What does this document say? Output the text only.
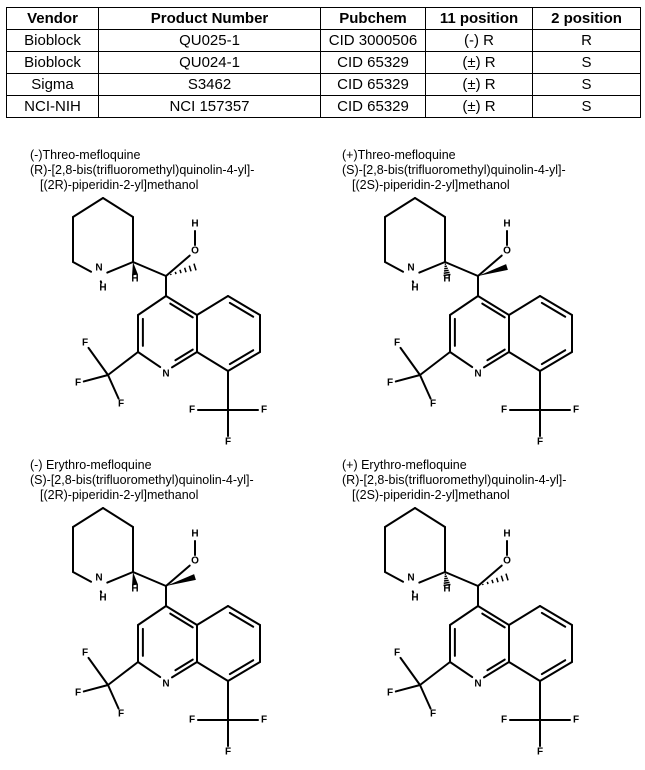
Vendor	Product Number	Pubchem	11 position	2 position
Bioblock	QU025-1	CID 3000506	(-) R	R
Bioblock	QU024-1	CID 65329	(±) R	S
Sigma	S3462	CID 65329	(±) R	S
NCI-NIH	NCI 157357	CID 65329	(±) R	S
(-)Threo-mefloquine
(R)-[2,8-bis(trifluoromethyl)quinolin-4-yl]-
[(2R)-piperidin-2-yl]methanol
(+)Threo-mefloquine
(S)-[2,8-bis(trifluoromethyl)quinolin-4-yl]-
[(2S)-piperidin-2-yl]methanol
(-) Erythro-mefloquine
(S)-[2,8-bis(trifluoromethyl)quinolin-4-yl]-
[(2R)-piperidin-2-yl]methanol
(+) Erythro-mefloquine
(R)-[2,8-bis(trifluoromethyl)quinolin-4-yl]-
[(2S)-piperidin-2-yl]methanol
N
H
H
H
O
N
F
F
F
F	F
F
N
H
H
H
O
N
F
F
F
F	F
F
N
H
H
H
O
N
F
F
F
F	F
F
N
H
H
H
O
N
F
F
F
F	F
F
